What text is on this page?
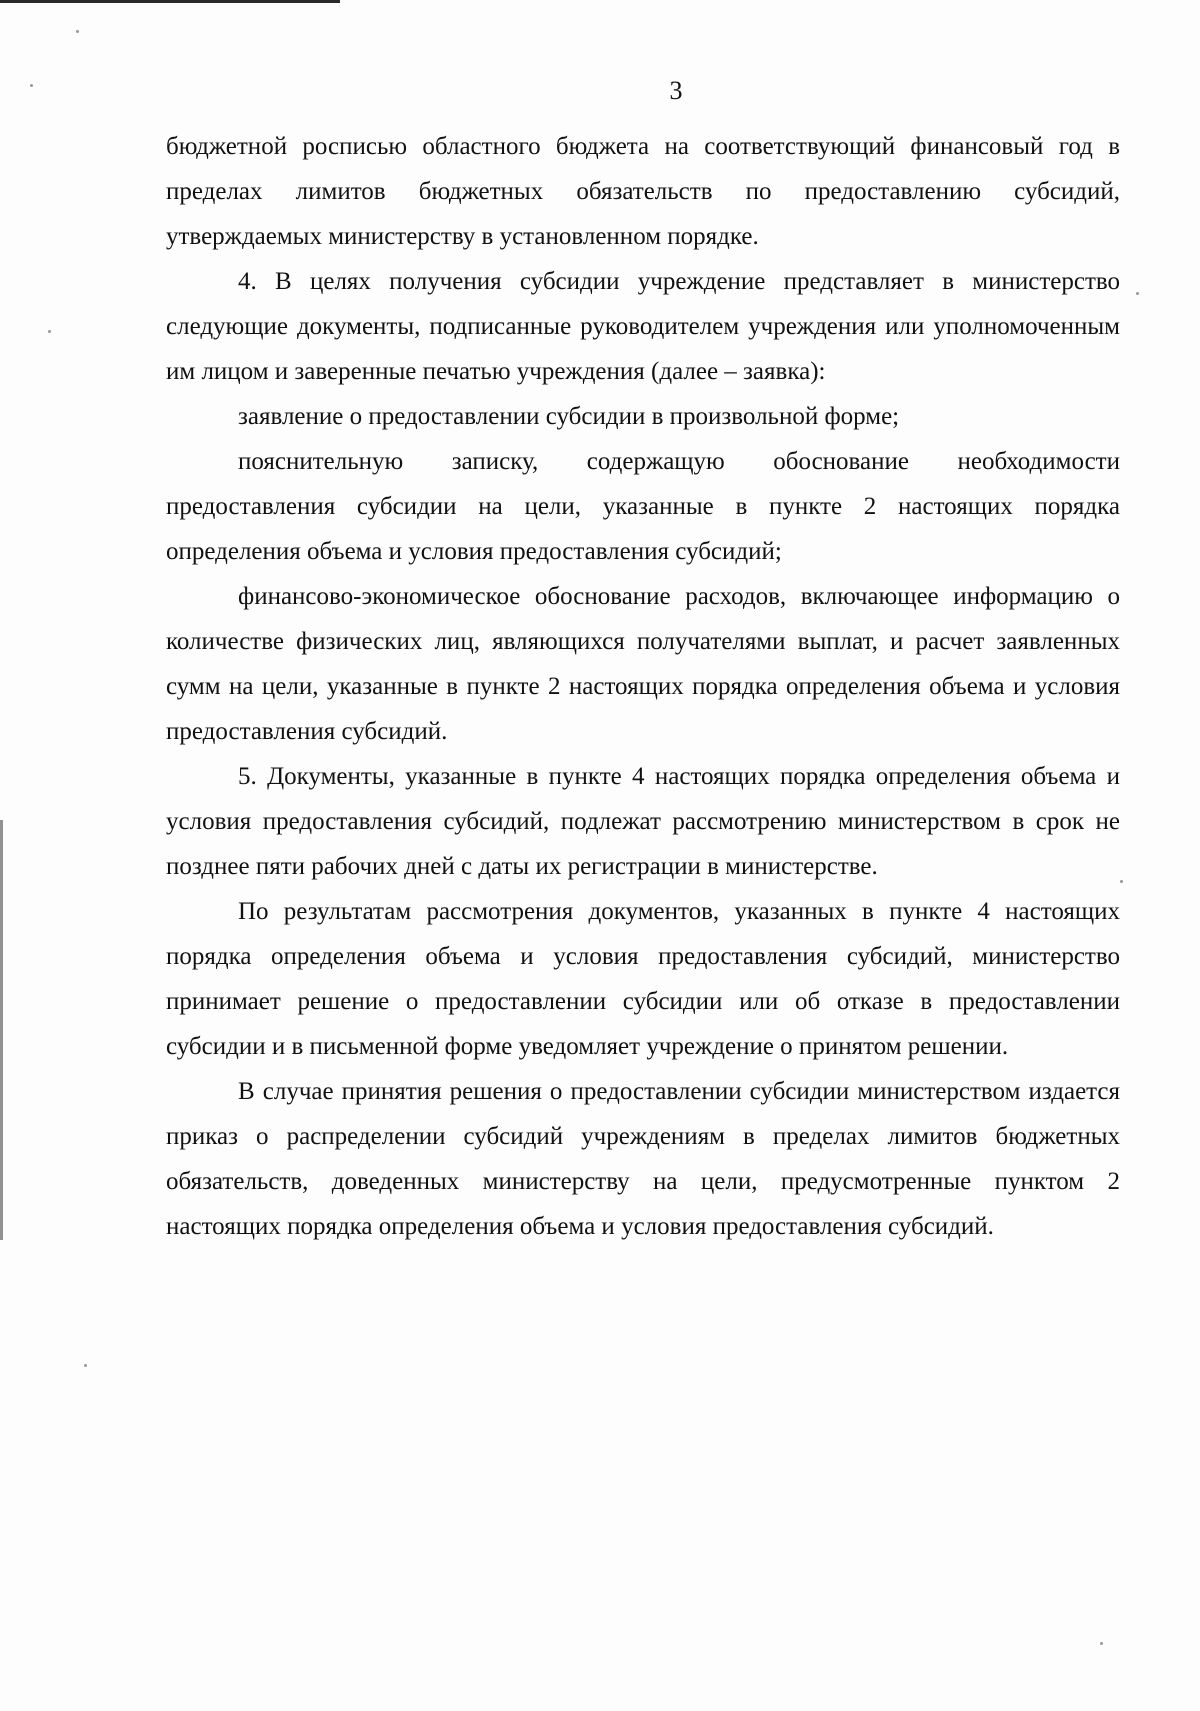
3

бюджетной росписью областного бюджета на соответствующий финансовый год в пределах лимитов бюджетных обязательств по предоставлению субсидий, утверждаемых министерству в установленном порядке.

4. В целях получения субсидии учреждение представляет в министерство следующие документы, подписанные руководителем учреждения или уполномоченным им лицом и заверенные печатью учреждения (далее – заявка):

заявление о предоставлении субсидии в произвольной форме;

пояснительную записку, содержащую обоснование необходимости предоставления субсидии на цели, указанные в пункте 2 настоящих порядка определения объема и условия предоставления субсидий;

финансово-экономическое обоснование расходов, включающее информацию о количестве физических лиц, являющихся получателями выплат, и расчет заявленных сумм на цели, указанные в пункте 2 настоящих порядка определения объема и условия предоставления субсидий.

5. Документы, указанные в пункте 4 настоящих порядка определения объема и условия предоставления субсидий, подлежат рассмотрению министерством в срок не позднее пяти рабочих дней с даты их регистрации в министерстве.

По результатам рассмотрения документов, указанных в пункте 4 настоящих порядка определения объема и условия предоставления субсидий, министерство принимает решение о предоставлении субсидии или об отказе в предоставлении субсидии и в письменной форме уведомляет учреждение о принятом решении.

В случае принятия решения о предоставлении субсидии министерством издается приказ о распределении субсидий учреждениям в пределах лимитов бюджетных обязательств, доведенных министерству на цели, предусмотренные пунктом 2 настоящих порядка определения объема и условия предоставления субсидий.
